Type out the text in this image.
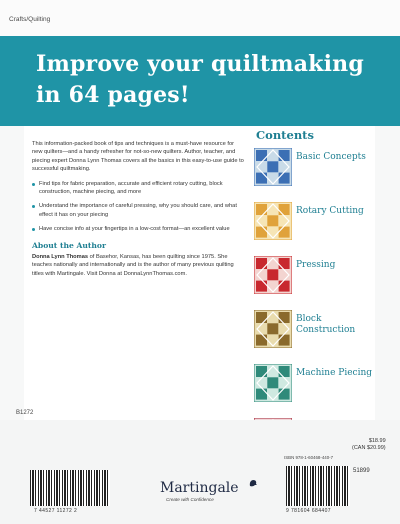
Crafts/Quilting
Improve your quiltmaking in 64 pages!

This information-packed book of tips and techniques is a must-have resource for new quilters—and a handy refresher for not-so-new quilters. Author, teacher, and piecing expert Donna Lynn Thomas covers all the basics in this easy-to-use guide to successful quiltmaking.

Find tips for fabric preparation, accurate and efficient rotary cutting, block construction, machine piecing, and more
Understand the importance of careful pressing, why you should care, and what effect it has on your piecing
Have concise info at your fingertips in a low-cost format—an excellent value
About the Author

Donna Lynn Thomas of Basehor, Kansas, has been quilting since 1975. She teaches nationally and internationally and is the author of many previous quilting titles with Martingale. Visit Donna at DonnaLynnThomas.com.

Contents
Basic Concepts
Rotary Cutting
Pressing
Block Construction
Machine Piecing
B1272
7 44527 11272 2
$18.99
(CAN $20.99)
ISBN 978-1-60468-440-7
51899
9 781604 684407
Martingale
Create with Confidence
